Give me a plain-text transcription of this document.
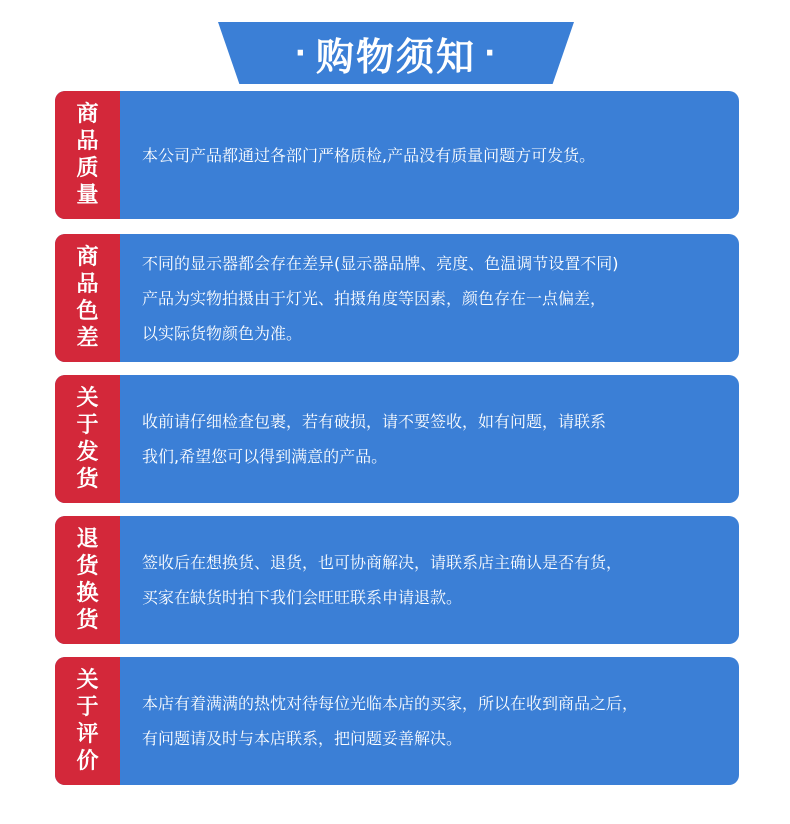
· 购物须知 ·
商
品
质
量
本公司产品都通过各部门严格质检,产品没有质量问题方可发货。
商
品
色
差
不同的显示器都会存在差异(显示器品牌、亮度、色温调节设置不同)
产品为实物拍摄由于灯光、拍摄角度等因素，颜色存在一点偏差，
以实际货物颜色为准。
关
于
发
货
收前请仔细检查包裹，若有破损，请不要签收，如有问题，请联系
我们,希望您可以得到满意的产品。
退
货
换
货
签收后在想换货、退货，也可协商解决，请联系店主确认是否有货，
买家在缺货时拍下我们会旺旺联系申请退款。
关
于
评
价
本店有着满满的热忱对待每位光临本店的买家，所以在收到商品之后，
有问题请及时与本店联系，把问题妥善解决。
